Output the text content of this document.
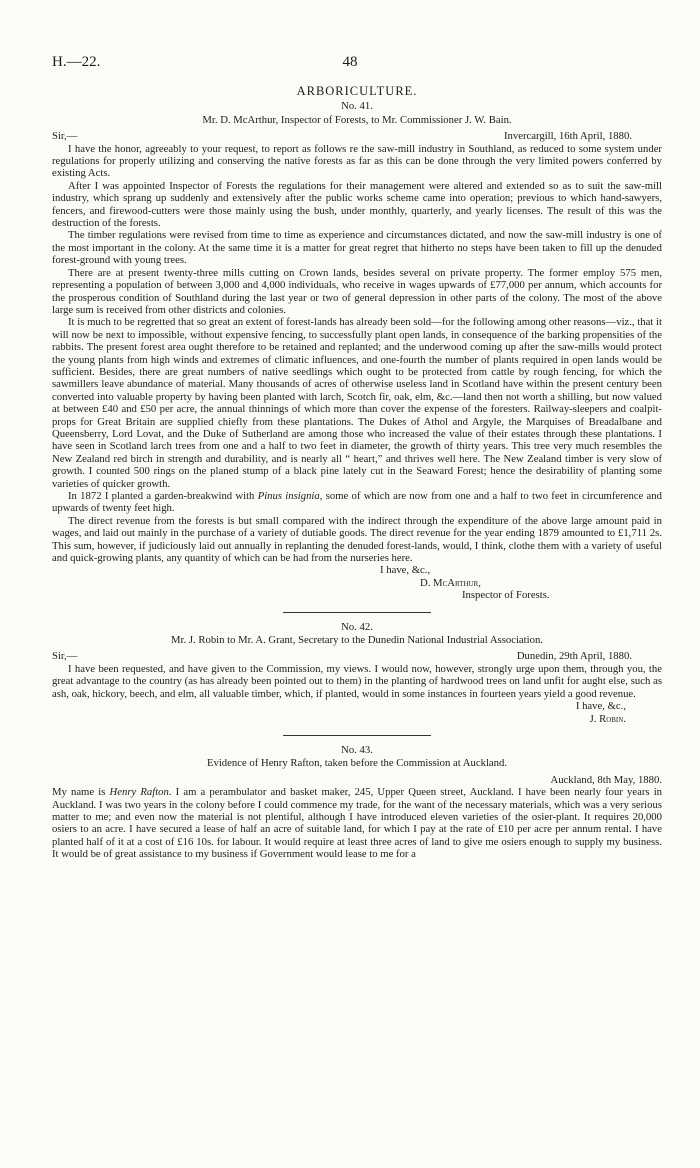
H.—22.	48
ARBORICULTURE.
No. 41.
Mr. D. McArthur, Inspector of Forests, to Mr. Commissioner J. W. Bain.
Sir,—	Invercargill, 16th April, 1880.

I have the honor, agreeably to your request, to report as follows re the saw-mill industry in Southland, as reduced to some system under regulations for properly utilizing and conserving the native forests as far as this can be done through the very limited powers conferred by existing Acts.

After I was appointed Inspector of Forests the regulations for their management were altered and extended so as to suit the saw-mill industry, which sprang up suddenly and extensively after the public works scheme came into operation; previous to which hand-sawyers, fencers, and firewood-cutters were those mainly using the bush, under monthly, quarterly, and yearly licenses. The result of this was the destruction of the forests.

The timber regulations were revised from time to time as experience and circumstances dictated, and now the saw-mill industry is one of the most important in the colony. At the same time it is a matter for great regret that hitherto no steps have been taken to fill up the denuded forest-ground with young trees.

There are at present twenty-three mills cutting on Crown lands, besides several on private property. The former employ 575 men, representing a population of between 3,000 and 4,000 individuals, who receive in wages upwards of £77,000 per annum, which accounts for the prosperous condition of Southland during the last year or two of general depression in other parts of the colony. The most of the above large sum is received from other districts and colonies.

It is much to be regretted that so great an extent of forest-lands has already been sold—for the following among other reasons—viz., that it will now be next to impossible, without expensive fencing, to successfully plant open lands, in consequence of the barking propensities of the rabbits. The present forest area ought therefore to be retained and replanted; and the underwood coming up after the saw-mills would protect the young plants from high winds and extremes of climatic influences, and one-fourth the number of plants required in open lands would be sufficient. Besides, there are great numbers of native seedlings which ought to be protected from cattle by rough fencing, for which the sawmillers leave abundance of material. Many thousands of acres of otherwise useless land in Scotland have within the present century been converted into valuable property by having been planted with larch, Scotch fir, oak, elm, &c.—land then not worth a shilling, but now valued at between £40 and £50 per acre, the annual thinnings of which more than cover the expense of the foresters. Railway-sleepers and coalpit-props for Great Britain are supplied chiefly from these plantations. The Dukes of Athol and Argyle, the Marquises of Breadalbane and Queensberry, Lord Lovat, and the Duke of Sutherland are among those who increased the value of their estates through these plantations. I have seen in Scotland larch trees from one and a half to two feet in diameter, the growth of thirty years. This tree very much resembles the New Zealand red birch in strength and durability, and is nearly all “ heart,” and thrives well here. The New Zealand timber is very slow of growth. I counted 500 rings on the planed stump of a black pine lately cut in the Seaward Forest; hence the desirability of planting some varieties of quicker growth.

In 1872 I planted a garden-breakwind with Pinus insignia, some of which are now from one and a half to two feet in circumference and upwards of twenty feet high.

The direct revenue from the forests is but small compared with the indirect through the expenditure of the above large amount paid in wages, and laid out mainly in the purchase of a variety of dutiable goods. The direct revenue for the year ending 1879 amounted to £1,711 2s. This sum, however, if judiciously laid out annually in replanting the denuded forest-lands, would, I think, clothe them with a variety of useful and quick-growing plants, any quantity of which can be had from the nurseries here.

I have, &c.,
D. McArthur,
Inspector of Forests.
No. 42.
Mr. J. Robin to Mr. A. Grant, Secretary to the Dunedin National Industrial Association.
Sir,—	Dunedin, 29th April, 1880.

I have been requested, and have given to the Commission, my views. I would now, however, strongly urge upon them, through you, the great advantage to the country (as has already been pointed out to them) in the planting of hardwood trees on land unfit for aught else, such as ash, oak, hickory, beech, and elm, all valuable timber, which, if planted, would in some instances in fourteen years yield a good revenue.

I have, &c.,
J. Robin.
No. 43.
Evidence of Henry Rafton, taken before the Commission at Auckland.
Auckland, 8th May, 1880.

My name is Henry Rafton. I am a perambulator and basket maker, 245, Upper Queen street, Auckland. I have been nearly four years in Auckland. I was two years in the colony before I could commence my trade, for the want of the necessary materials, which was a very serious matter to me; and even now the material is not plentiful, although I have introduced eleven varieties of the osier-plant. It requires 20,000 osiers to an acre. I have secured a lease of half an acre of suitable land, for which I pay at the rate of £10 per acre per annum rental. I have planted half of it at a cost of £16 10s. for labour. It would require at least three acres of land to give me osiers enough to supply my business. It would be of great assistance to my business if Government would lease to me for a
